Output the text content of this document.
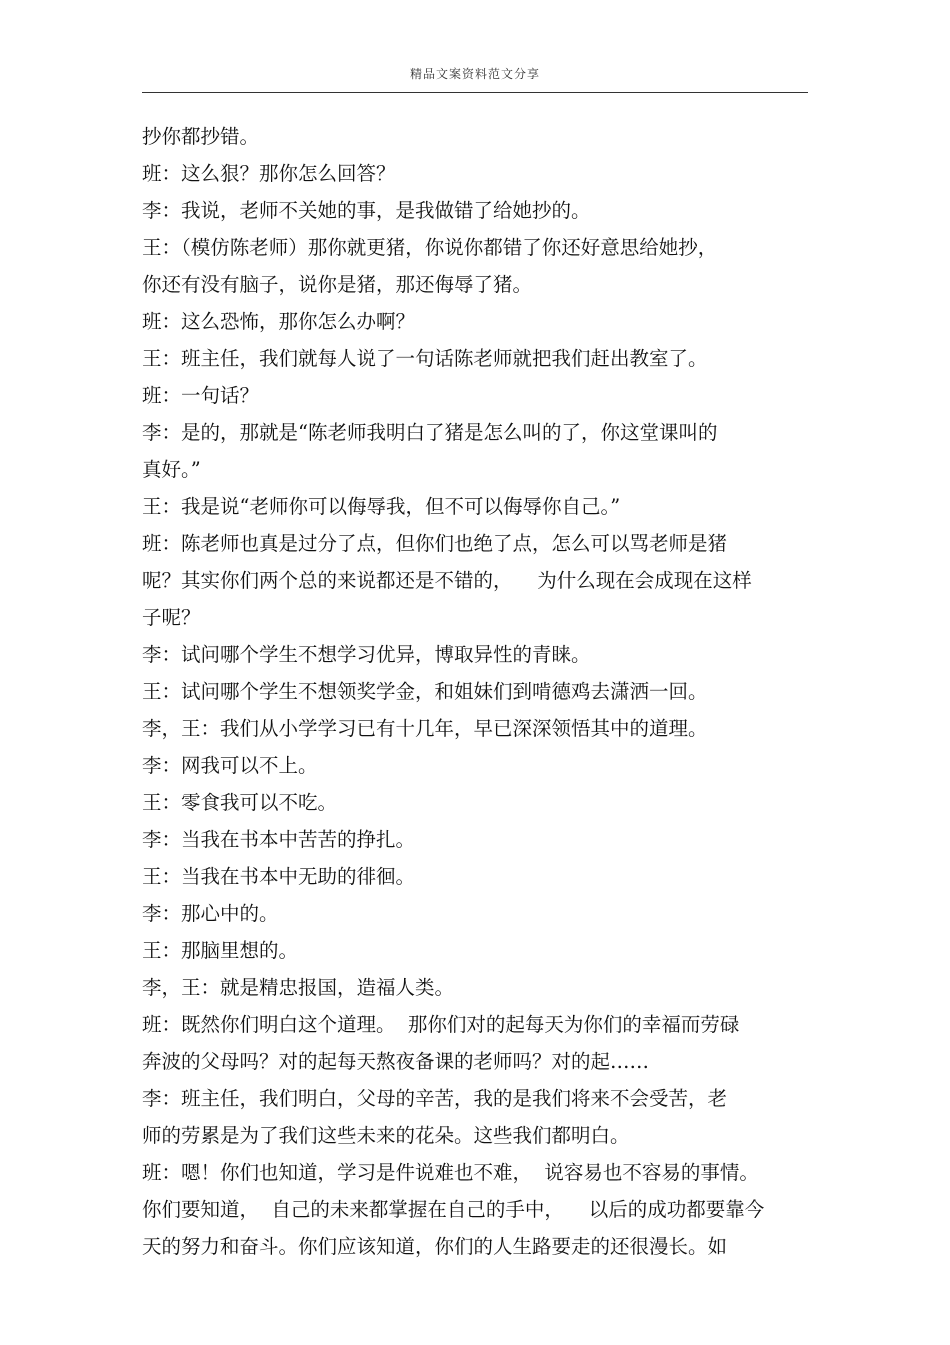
精品文案资料范文分享
抄你都抄错。
班：这么狠？那你怎么回答？
李：我说，老师不关她的事，是我做错了给她抄的。
王：（模仿陈老师）那你就更猪，你说你都错了你还好意思给她抄，
你还有没有脑子，说你是猪，那还侮辱了猪。
班：这么恐怖，那你怎么办啊？
王：班主任，我们就每人说了一句话陈老师就把我们赶出教室了。
班：一句话？
李：是的，那就是“陈老师我明白了猪是怎么叫的了，你这堂课叫的
真好。”
王：我是说“老师你可以侮辱我，但不可以侮辱你自己。”
班：陈老师也真是过分了点，但你们也绝了点，怎么可以骂老师是猪
呢？其实你们两个总的来说都还是不错的，    为什么现在会成现在这样
子呢？
李：试问哪个学生不想学习优异，博取异性的青睐。
王：试问哪个学生不想领奖学金，和姐妹们到啃德鸡去潇洒一回。
李，王：我们从小学学习已有十几年，早已深深领悟其中的道理。
李：网我可以不上。
王：零食我可以不吃。
李：当我在书本中苦苦的挣扎。
王：当我在书本中无助的徘徊。
李：那心中的。
王：那脑里想的。
李，王：就是精忠报国，造福人类。
班：既然你们明白这个道理。  那你们对的起每天为你们的幸福而劳碌
奔波的父母吗？对的起每天熬夜备课的老师吗？对的起……
李：班主任，我们明白，父母的辛苦，我的是我们将来不会受苦，老
师的劳累是为了我们这些未来的花朵。这些我们都明白。
班：嗯！你们也知道，学习是件说难也不难，  说容易也不容易的事情。
你们要知道，  自己的未来都掌握在自己的手中，    以后的成功都要靠今
天的努力和奋斗。你们应该知道，你们的人生路要走的还很漫长。如
